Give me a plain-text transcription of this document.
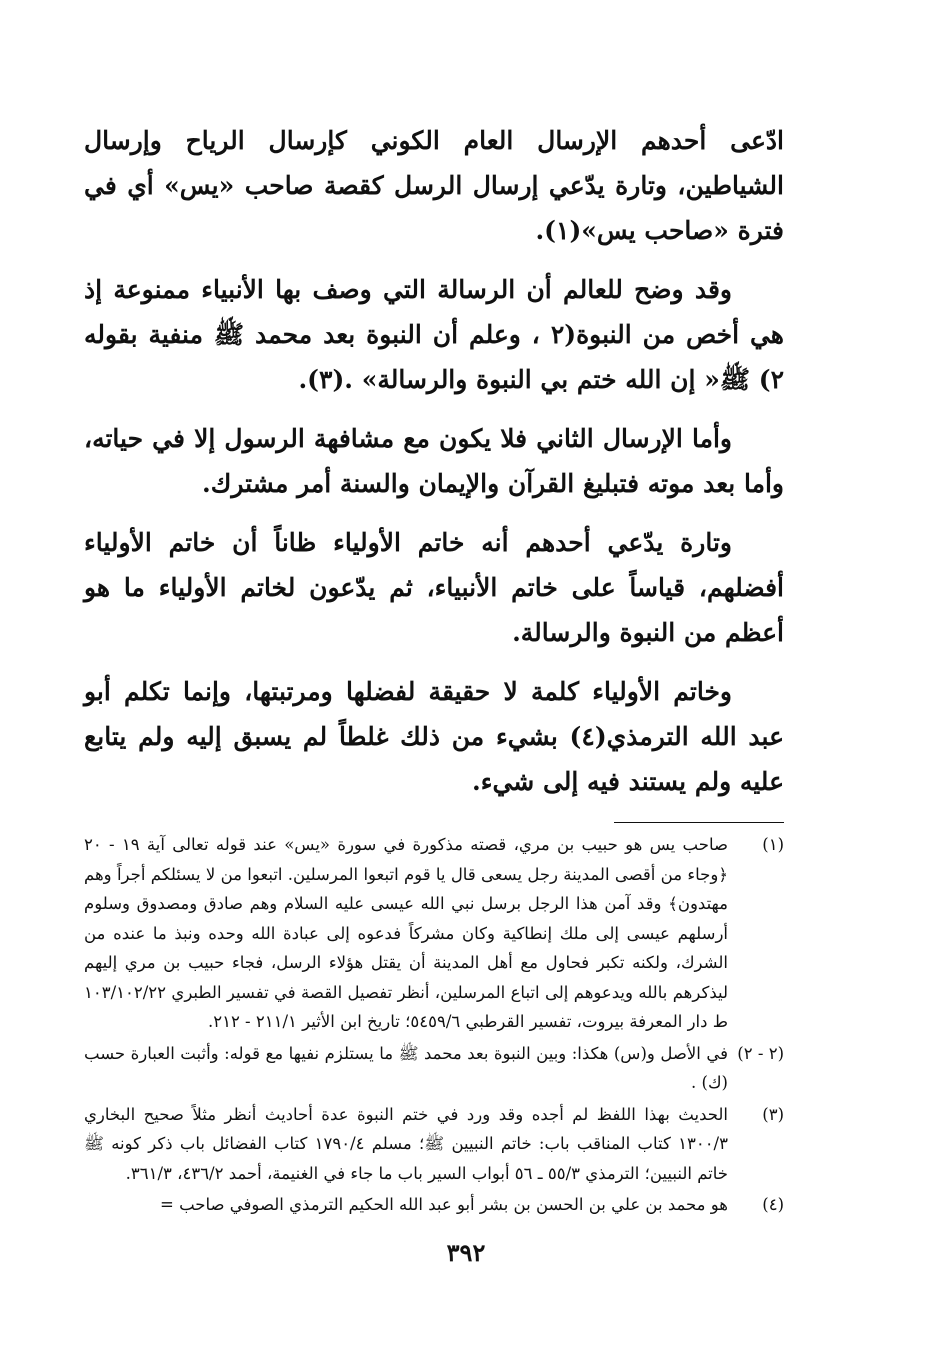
ادّعى أحدهم الإرسال العام الكوني كإرسال الرياح وإرسال الشياطين، وتارة يدّعي إرسال الرسل كقصة صاحب «يس» أي في فترة «صاحب يس»(١).

وقد وضح للعالم أن الرسالة التي وصف بها الأنبياء ممنوعة إذ هي أخص من النبوة(٢ ، وعلم أن النبوة بعد محمد ﷺ منفية بقوله ٢) ﷺ« إن الله ختم بي النبوة والرسالة» .(٣).

وأما الإرسال الثاني فلا يكون مع مشافهة الرسول إلا في حياته، وأما بعد موته فتبليغ القرآن والإيمان والسنة أمر مشترك.

وتارة يدّعي أحدهم أنه خاتم الأولياء ظاناً أن خاتم الأولياء أفضلهم، قياساً على خاتم الأنبياء، ثم يدّعون لخاتم الأولياء ما هو أعظم من النبوة والرسالة.

وخاتم الأولياء كلمة لا حقيقة لفضلها ومرتبتها، وإنما تكلم أبو عبد الله الترمذي(٤) بشيء من ذلك غلطاً لم يسبق إليه ولم يتابع عليه ولم يستند فيه إلى شيء.

(١)
صاحب يس هو حبيب بن مري، قصته مذكورة في سورة «يس» عند قوله تعالى آية ١٩ - ٢٠ ﴿وجاء من أقصى المدينة رجل يسعى قال يا قوم اتبعوا المرسلين. اتبعوا من لا يسئلكم أجراً وهم مهتدون﴾ وقد آمن هذا الرجل برسل نبي الله عيسى عليه السلام وهم صادق ومصدوق وسلوم أرسلهم عيسى إلى ملك إنطاكية وكان مشركاً فدعوه إلى عبادة الله وحده ونبذ ما عنده من الشرك، ولكنه تكبر فحاول مع أهل المدينة أن يقتل هؤلاء الرسل، فجاء حبيب بن مري إليهم ليذكرهم بالله ويدعوهم إلى اتباع المرسلين، أنظر تفصيل القصة في تفسير الطبري ١٠٣/١٠٢/٢٢ ط دار المعرفة بيروت، تفسير القرطبي ٥٤٥٩/٦؛ تاريخ ابن الأثير ٢١١/١ - ٢١٢.
(٢ - ٢)
في الأصل و(س) هكذا: وبين النبوة بعد محمد ﷺ ما يستلزم نفيها مع قوله: وأثبت العبارة حسب (ك) .
(٣)
الحديث بهذا اللفظ لم أجده وقد ورد في ختم النبوة عدة أحاديث أنظر مثلاً صحيح البخاري ١٣٠٠/٣ كتاب المناقب باب: خاتم النبيين ﷺ؛ مسلم ١٧٩٠/٤ كتاب الفضائل باب ذكر كونه ﷺ خاتم النبيين؛ الترمذي ٥٥/٣ ـ ٥٦ أبواب السير باب ما جاء في الغنيمة، أحمد ٤٣٦/٢، ٣٦١/٣.
(٤)
هو محمد بن علي بن الحسن بن بشر أبو عبد الله الحكيم الترمذي الصوفي صاحب =
٣٩٢
